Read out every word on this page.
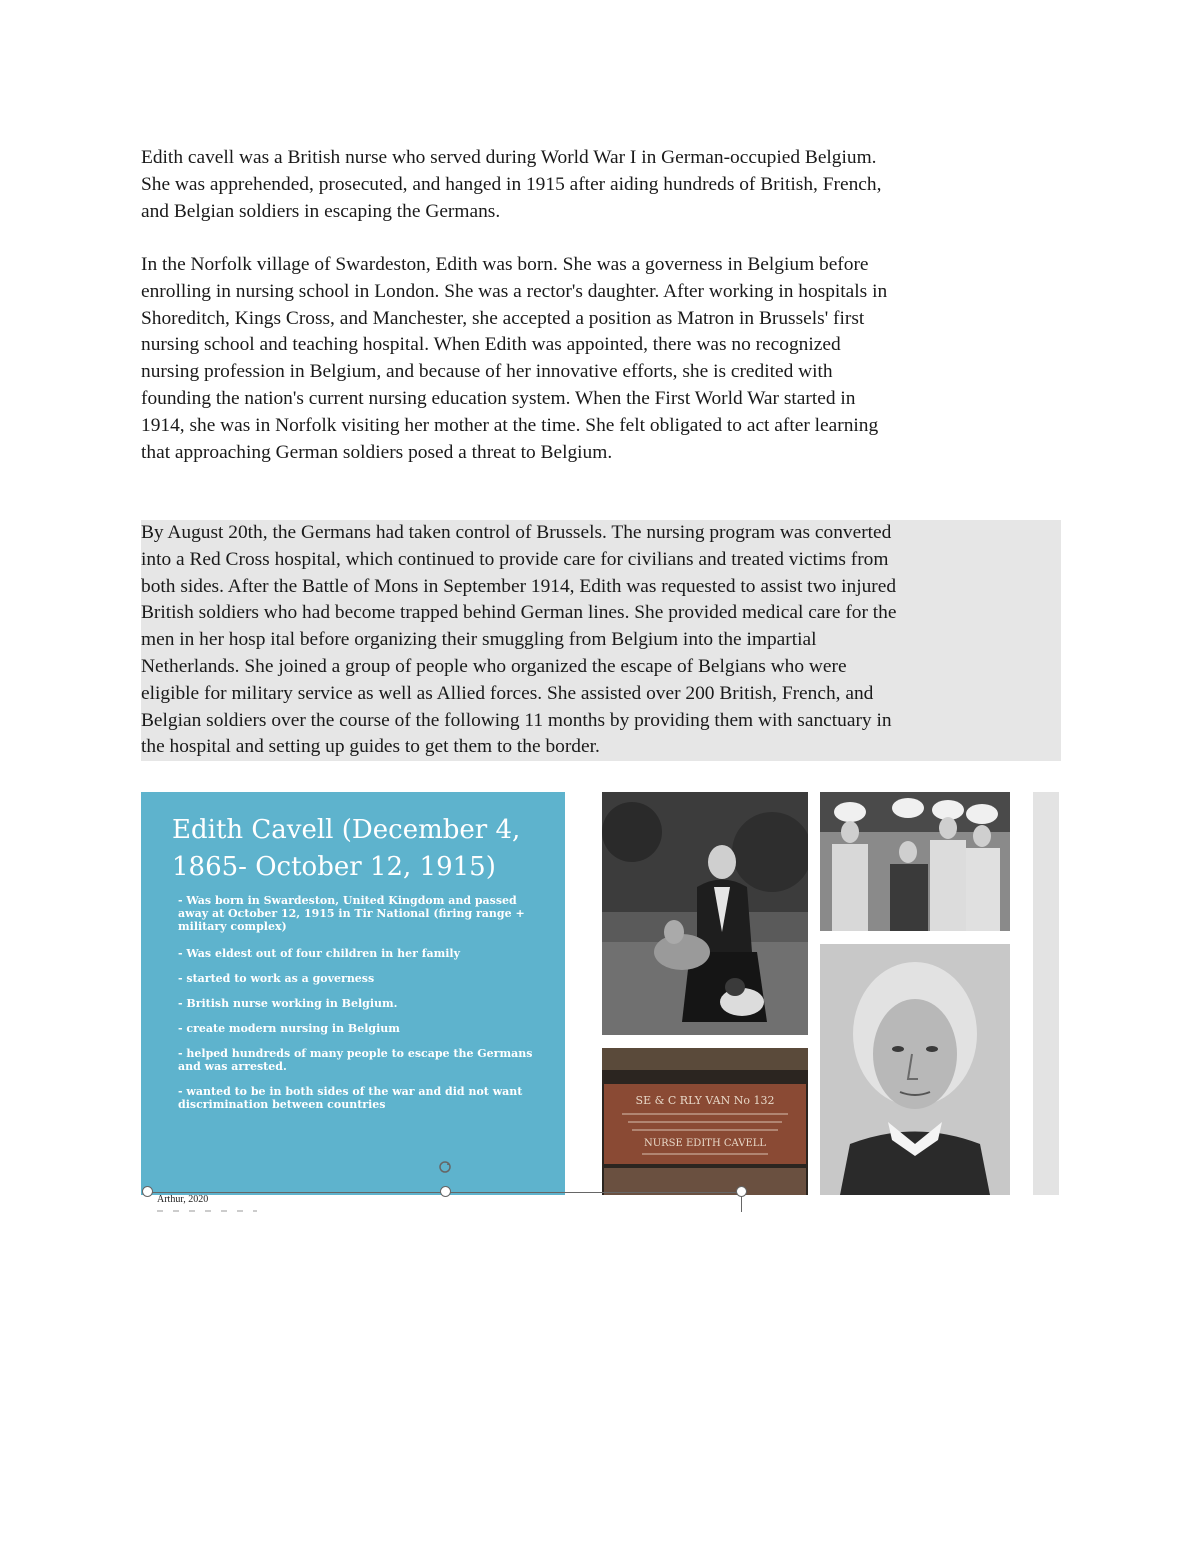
Edith cavell was a British nurse who served during World War I in German-occupied Belgium.
She was apprehended, prosecuted, and hanged in 1915 after aiding hundreds of British, French,
and Belgian soldiers in escaping the Germans.

In the Norfolk village of Swardeston, Edith was born. She was a governess in Belgium before
enrolling in nursing school in London. She was a rector's daughter. After working in hospitals in
Shoreditch, Kings Cross, and Manchester, she accepted a position as Matron in Brussels' first
nursing school and teaching hospital. When Edith was appointed, there was no recognized
nursing profession in Belgium, and because of her innovative efforts, she is credited with
founding the nation's current nursing education system. When the First World War started in
1914, she was in Norfolk visiting her mother at the time. She felt obligated to act after learning
that approaching German soldiers posed a threat to Belgium.

By August 20th, the Germans had taken control of Brussels. The nursing program was converted
into a Red Cross hospital, which continued to provide care for civilians and treated victims from
both sides. After the Battle of Mons in September 1914, Edith was requested to assist two injured
British soldiers who had become trapped behind German lines. She provided medical care for the
men in her hosp ital before organizing their smuggling from Belgium into the impartial
Netherlands. She joined a group of people who organized the escape of Belgians who were
eligible for military service as well as Allied forces. She assisted over 200 British, French, and
Belgian soldiers over the course of the following 11 months by providing them with sanctuary in
the hospital and setting up guides to get them to the border.

Edith Cavell (December 4, 1865- October 12, 1915)
- Was born in Swardeston, United Kingdom and passed away at October 12, 1915 in Tir National (firing range + military complex)
- Was eldest out of four children in her family
- started to work as a governess
- British nurse working in Belgium.
- create modern nursing in Belgium
- helped hundreds of many people to escape the Germans and was arrested.
- wanted to be in both sides of the war and did not want discrimination between countries	SE & C RLY VAN No 132
NURSE EDITH CAVELL
Arthur, 2020
